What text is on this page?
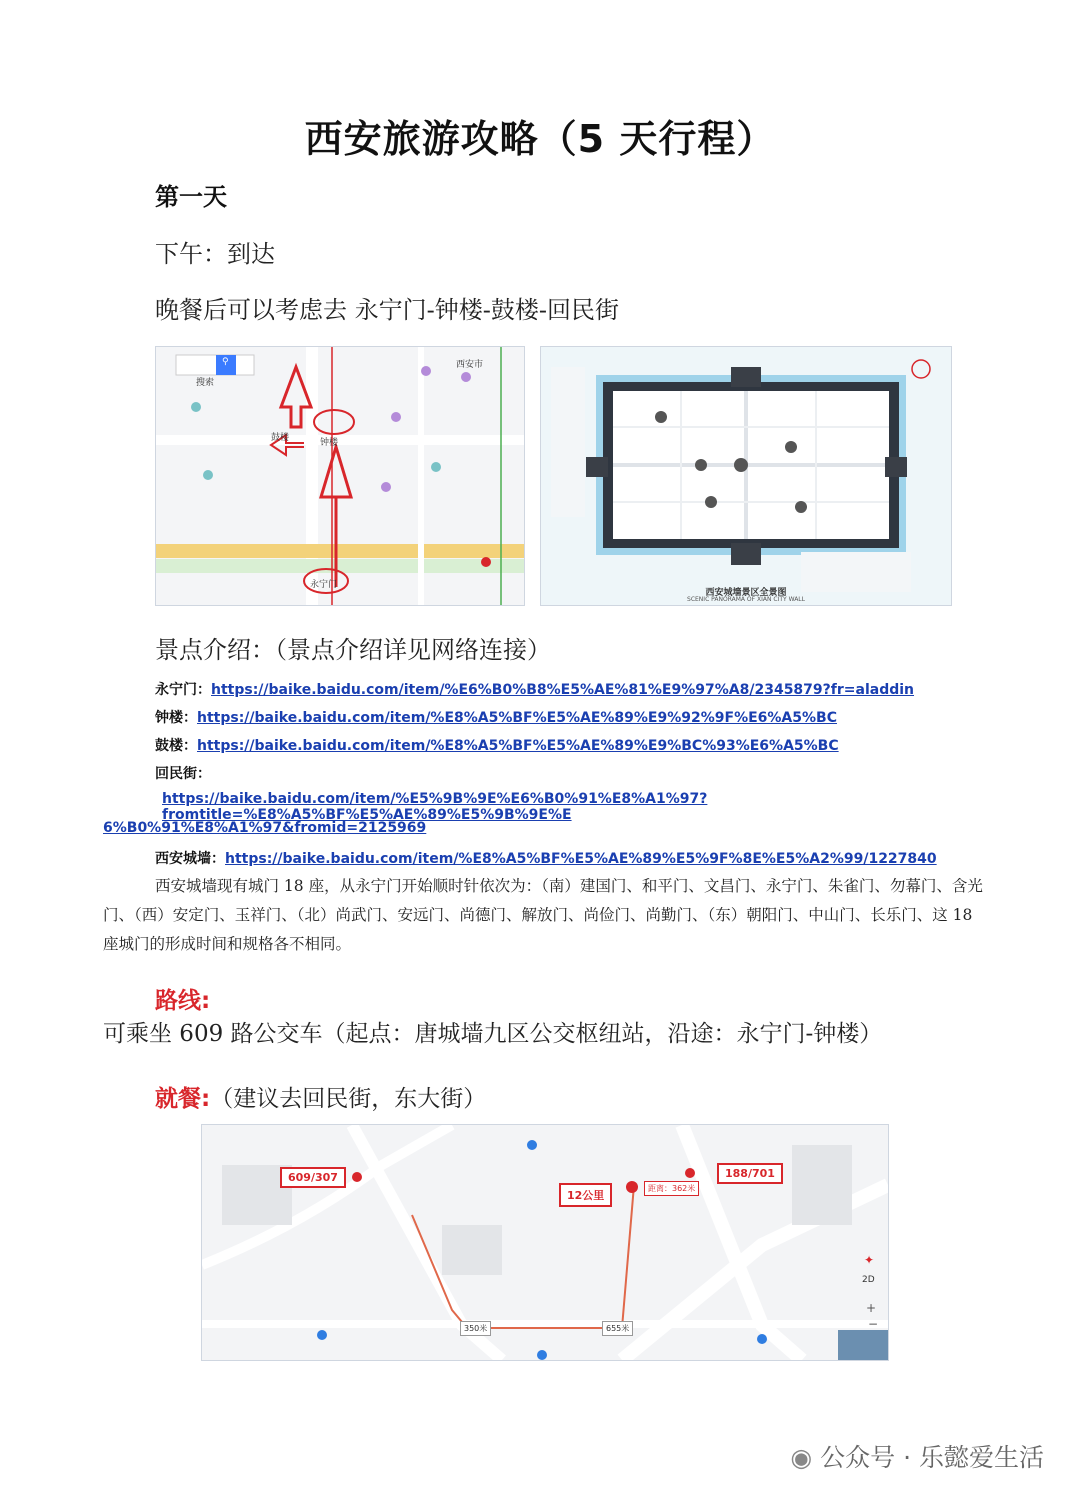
西安旅游攻略（5 天行程）
第一天
下午：到达
晚餐后可以考虑去 永宁门-钟楼-鼓楼-回民街
⚲
搜索
西安市
钟楼
鼓楼
永宁门
西安城墙景区全景图
SCENIC PANORAMA OF XIAN CITY WALL
景点介绍：（景点介绍详见网络连接）
永宁门：https://baike.baidu.com/item/%E6%B0%B8%E5%AE%81%E9%97%A8/2345879?fr=aladdin
钟楼：https://baike.baidu.com/item/%E8%A5%BF%E5%AE%89%E9%92%9F%E6%A5%BC
鼓楼：https://baike.baidu.com/item/%E8%A5%BF%E5%AE%89%E9%BC%93%E6%A5%BC
回民街：
https://baike.baidu.com/item/%E5%9B%9E%E6%B0%91%E8%A1%97?fromtitle=%E8%A5%BF%E5%AE%89%E5%9B%9E%E
6%B0%91%E8%A1%97&fromid=2125969
西安城墙：https://baike.baidu.com/item/%E8%A5%BF%E5%AE%89%E5%9F%8E%E5%A2%99/1227840
西安城墙现有城门 18 座，从永宁门开始顺时针依次为：（南）建国门、和平门、文昌门、永宁门、朱雀门、勿幕门、含光门、（西）安定门、玉祥门、（北）尚武门、安远门、尚德门、解放门、尚俭门、尚勤门、（东）朝阳门、中山门、长乐门、这 18 座城门的形成时间和规格各不相同。
路线:可乘坐 609 路公交车（起点：唐城墙九区公交枢纽站，沿途：永宁门-钟楼）
就餐:（建议去回民街，东大街）
609/307
12公里
188/701
距离：362米
350米	655米
2D
✦
+
−
◉ 公众号 · 乐懿爱生活
